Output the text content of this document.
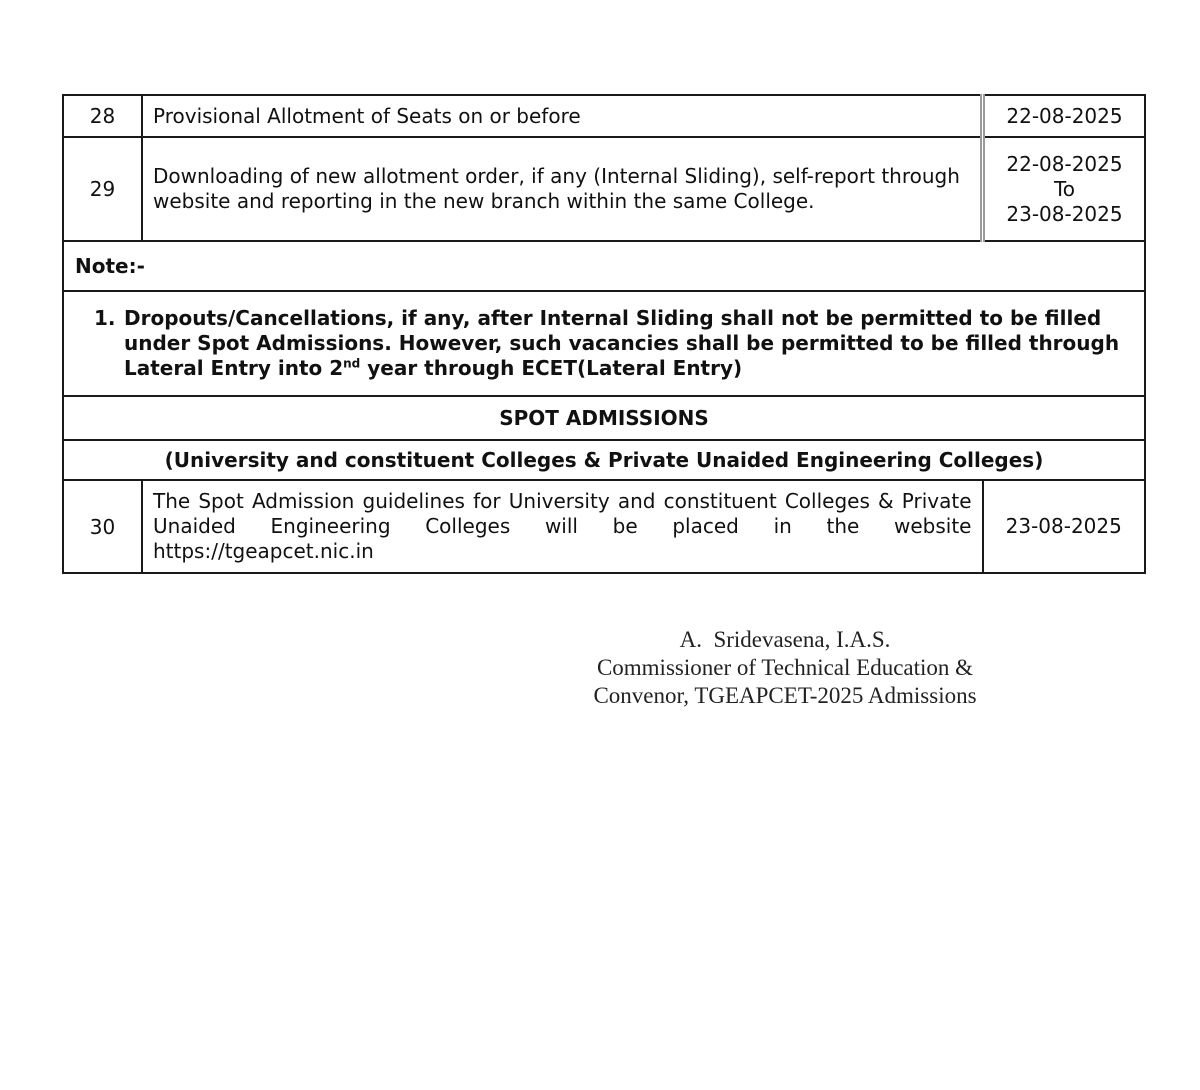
28	Provisional Allotment of Seats on or before	22-08-2025
29	Downloading of new allotment order, if any (Internal Sliding), self-report through website and reporting in the new branch within the same College.	22-08-2025
To
23-08-2025

Note:-		
1. Dropouts/Cancellations, if any, after Internal Sliding shall not be permitted to be filled under Spot Admissions. However, such vacancies shall be permitted to be filled through Lateral Entry into 2nd year through ECET(Lateral Entry)		

SPOT ADMISSIONS		
(University and constituent Colleges & Private Unaided Engineering Colleges)		
30	The Spot Admission guidelines for University and constituent Colleges & Private Unaided Engineering Colleges will be placed in the website https://tgeapcet.nic.in	23-08-2025
A.  Sridevasena, I.A.S.
Commissioner of Technical Education &
Convenor, TGEAPCET-2025 Admissions
